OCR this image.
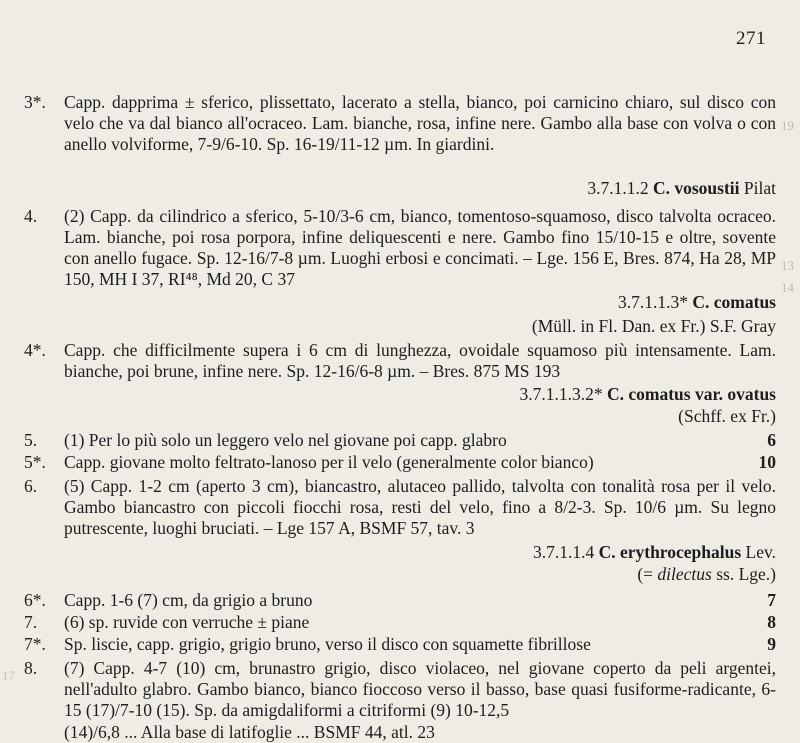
19
13
14
17
271
3*.	Capp. dapprima ± sferico, plissettato, lacerato a stella, bianco, poi carnicino chiaro, sul disco con velo che va dal bianco all'ocraceo. Lam. bianche, rosa, infine nere. Gambo alla base con volva o con anello volviforme, 7-9/6-10. Sp. 16-19/11-12 µm. In giardini.
3.7.1.1.2 C. vosoustii Pilat
4.	(2) Capp. da cilindrico a sferico, 5-10/3-6 cm, bianco, tomentoso-squamoso, disco talvolta ocraceo. Lam. bianche, poi rosa porpora, infine deliquescenti e nere. Gambo fino 15/10-15 e oltre, sovente con anello fugace. Sp. 12-16/7-8 µm. Luoghi erbosi e concimati. – Lge. 156 E, Bres. 874, Ha 28, MP 150, MH I 37, RI⁴⁸, Md 20, C 37
3.7.1.1.3* C. comatus
(Müll. in Fl. Dan. ex Fr.) S.F. Gray
4*.	Capp. che difficilmente supera i 6 cm di lunghezza, ovoidale squamoso più intensamente. Lam. bianche, poi brune, infine nere. Sp. 12-16/6-8 µm. – Bres. 875 MS 193
3.7.1.1.3.2* C. comatus var. ovatus
(Schff. ex Fr.)
5.	(1) Per lo più solo un leggero velo nel giovane poi capp. glabro	6
5*.	Capp. giovane molto feltrato-lanoso per il velo (generalmente color bianco)	10
6.	(5) Capp. 1-2 cm (aperto 3 cm), biancastro, alutaceo pallido, talvolta con tonalità rosa per il velo. Gambo biancastro con piccoli fiocchi rosa, resti del velo, fino a 8/2-3. Sp. 10/6 µm. Su legno putrescente, luoghi bruciati. – Lge 157 A, BSMF 57, tav. 3
3.7.1.1.4 C. erythrocephalus Lev.
(= dilectus ss. Lge.)
6*.	Capp. 1-6 (7) cm, da grigio a bruno	7
7.	(6) sp. ruvide con verruche ± piane	8
7*.	Sp. liscie, capp. grigio, grigio bruno, verso il disco con squamette fibrillose	9
8.	(7) Capp. 4-7 (10) cm, brunastro grigio, disco violaceo, nel giovane coperto da peli argentei, nell'adulto glabro. Gambo bianco, bianco fioccoso verso il basso, base quasi fusiforme-radicante, 6-15 (17)/7-10 (15). Sp. da amigdaliformi a citriformi (9) 10-12,5
(14)/6,8 ... Alla base di latifoglie ... BSMF 44, atl. 23
